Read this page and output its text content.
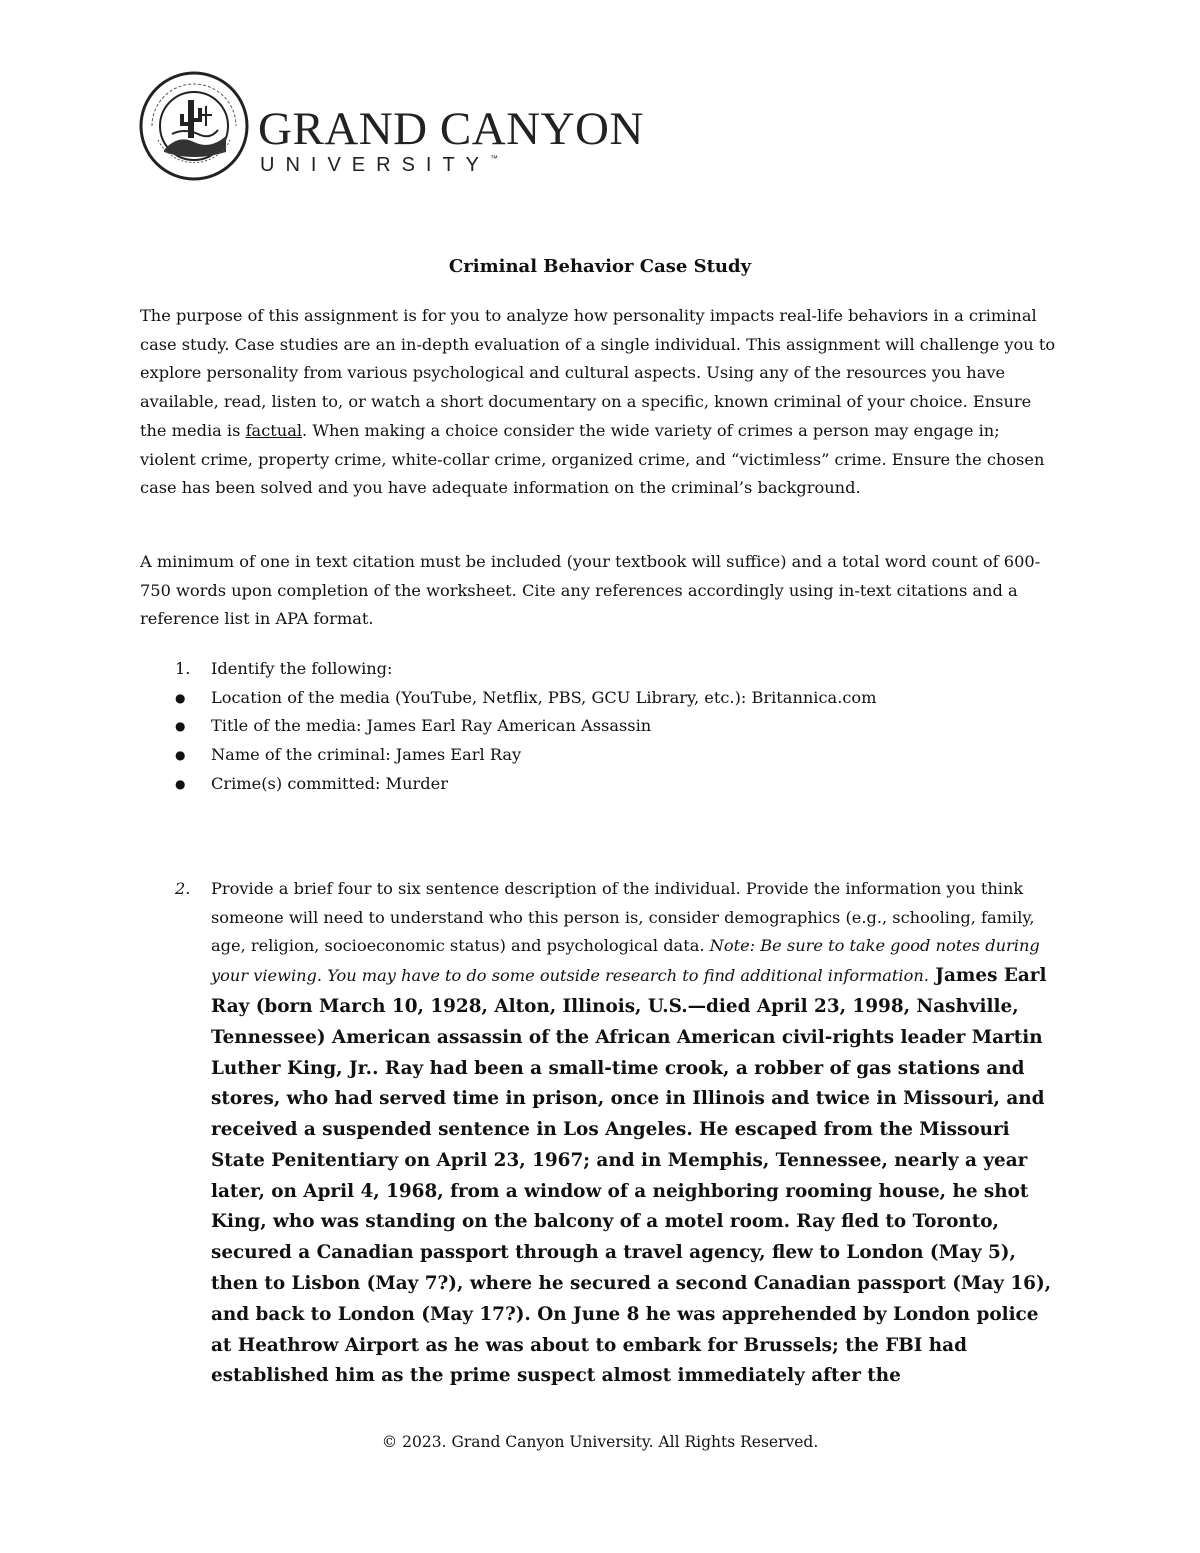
GRAND CANYON
UNIVERSITY™
Criminal Behavior Case Study
The purpose of this assignment is for you to analyze how personality impacts real-life behaviors in a criminal case study. Case studies are an in-depth evaluation of a single individual. This assignment will challenge you to explore personality from various psychological and cultural aspects. Using any of the resources you have available, read, listen to, or watch a short documentary on a specific, known criminal of your choice. Ensure the media is factual. When making a choice consider the wide variety of crimes a person may engage in; violent crime, property crime, white-collar crime, organized crime, and “victimless” crime. Ensure the chosen case has been solved and you have adequate information on the criminal’s background.
A minimum of one in text citation must be included (your textbook will suffice) and a total word count of 600-750 words upon completion of the worksheet. Cite any references accordingly using in-text citations and a reference list in APA format.
1. Identify the following:
● Location of the media (YouTube, Netflix, PBS, GCU Library, etc.): Britannica.com
● Title of the media: James Earl Ray American Assassin
● Name of the criminal: James Earl Ray
● Crime(s) committed: Murder
2. Provide a brief four to six sentence description of the individual. Provide the information you think someone will need to understand who this person is, consider demographics (e.g., schooling, family, age, religion, socioeconomic status) and psychological data. Note: Be sure to take good notes during your viewing. You may have to do some outside research to find additional information. James Earl Ray (born March 10, 1928, Alton, Illinois, U.S.—died April 23, 1998, Nashville, Tennessee) American assassin of the African American civil-rights leader Martin Luther King, Jr.. Ray had been a small-time crook, a robber of gas stations and stores, who had served time in prison, once in Illinois and twice in Missouri, and received a suspended sentence in Los Angeles. He escaped from the Missouri State Penitentiary on April 23, 1967; and in Memphis, Tennessee, nearly a year later, on April 4, 1968, from a window of a neighboring rooming house, he shot King, who was standing on the balcony of a motel room. Ray fled to Toronto, secured a Canadian passport through a travel agency, flew to London (May 5), then to Lisbon (May 7?), where he secured a second Canadian passport (May 16), and back to London (May 17?). On June 8 he was apprehended by London police at Heathrow Airport as he was about to embark for Brussels; the FBI had established him as the prime suspect almost immediately after the
© 2023. Grand Canyon University. All Rights Reserved.
